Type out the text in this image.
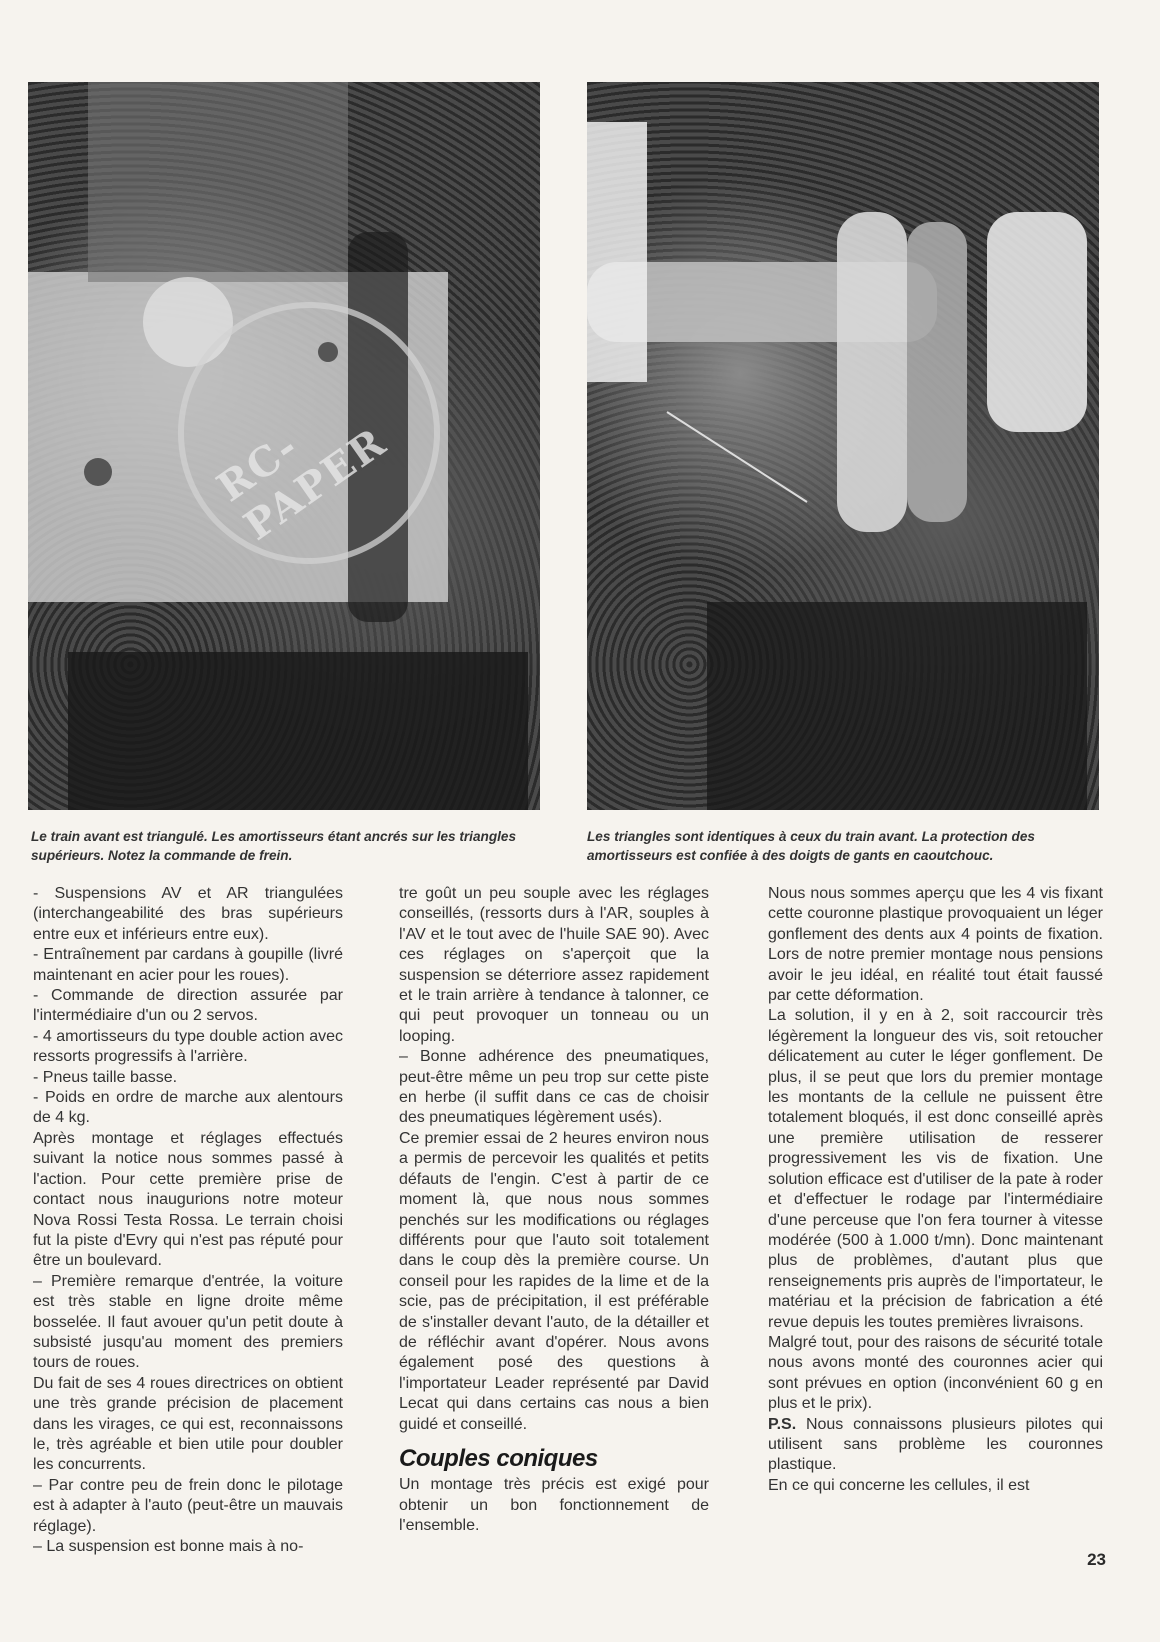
RC-PAPER
Le train avant est triangulé. Les amortisseurs étant ancrés sur les triangles supérieurs. Notez la commande de frein.
Les triangles sont identiques à ceux du train avant. La protection des amortisseurs est confiée à des doigts de gants en caoutchouc.

- Suspensions AV et AR triangulées (interchangeabilité des bras supérieurs entre eux et inférieurs entre eux).

- Entraînement par cardans à goupille (livré maintenant en acier pour les roues).

- Commande de direction assurée par l'intermédiaire d'un ou 2 servos.

- 4 amortisseurs du type double action avec ressorts progressifs à l'arrière.

- Pneus taille basse.

- Poids en ordre de marche aux alentours de 4 kg.

Après montage et réglages effectués suivant la notice nous sommes passé à l'action. Pour cette première prise de contact nous inaugurions notre moteur Nova Rossi Testa Rossa. Le terrain choisi fut la piste d'Evry qui n'est pas réputé pour être un boulevard.

– Première remarque d'entrée, la voiture est très stable en ligne droite même bosselée. Il faut avouer qu'un petit doute à subsisté jusqu'au moment des premiers tours de roues.

Du fait de ses 4 roues directrices on obtient une très grande précision de placement dans les virages, ce qui est, reconnaissons le, très agréable et bien utile pour doubler les concurrents.

– Par contre peu de frein donc le pilotage est à adapter à l'auto (peut-être un mauvais réglage).

– La suspension est bonne mais à no-

tre goût un peu souple avec les réglages conseillés, (ressorts durs à l'AR, souples à l'AV et le tout avec de l'huile SAE 90). Avec ces réglages on s'aperçoit que la suspension se déterriore assez rapidement et le train arrière à tendance à talonner, ce qui peut provoquer un tonneau ou un looping.

– Bonne adhérence des pneumatiques, peut-être même un peu trop sur cette piste en herbe (il suffit dans ce cas de choisir des pneumatiques légèrement usés).

Ce premier essai de 2 heures environ nous a permis de percevoir les qualités et petits défauts de l'engin. C'est à partir de ce moment là, que nous nous sommes penchés sur les modifications ou réglages différents pour que l'auto soit totalement dans le coup dès la première course. Un conseil pour les rapides de la lime et de la scie, pas de précipitation, il est préférable de s'installer devant l'auto, de la détailler et de réfléchir avant d'opérer. Nous avons également posé des questions à l'importateur Leader représenté par David Lecat qui dans certains cas nous a bien guidé et conseillé.

Couples coniques

Un montage très précis est exigé pour obtenir un bon fonctionnement de l'ensemble.

Nous nous sommes aperçu que les 4 vis fixant cette couronne plastique provoquaient un léger gonflement des dents aux 4 points de fixation. Lors de notre premier montage nous pensions avoir le jeu idéal, en réalité tout était faussé par cette déformation.

La solution, il y en à 2, soit raccourcir très légèrement la longueur des vis, soit retoucher délicatement au cuter le léger gonflement. De plus, il se peut que lors du premier montage les montants de la cellule ne puissent être totalement bloqués, il est donc conseillé après une première utilisation de resserer progressivement les vis de fixation. Une solution efficace est d'utiliser de la pate à roder et d'effectuer le rodage par l'intermédiaire d'une perceuse que l'on fera tourner à vitesse modérée (500 à 1.000 t/mn). Donc maintenant plus de problèmes, d'autant plus que renseignements pris auprès de l'importateur, le matériau et la précision de fabrication a été revue depuis les toutes premières livraisons.

Malgré tout, pour des raisons de sécurité totale nous avons monté des couronnes acier qui sont prévues en option (inconvénient 60 g en plus et le prix).

P.S. Nous connaissons plusieurs pilotes qui utilisent sans problème les couronnes plastique.

En ce qui concerne les cellules, il est

23
